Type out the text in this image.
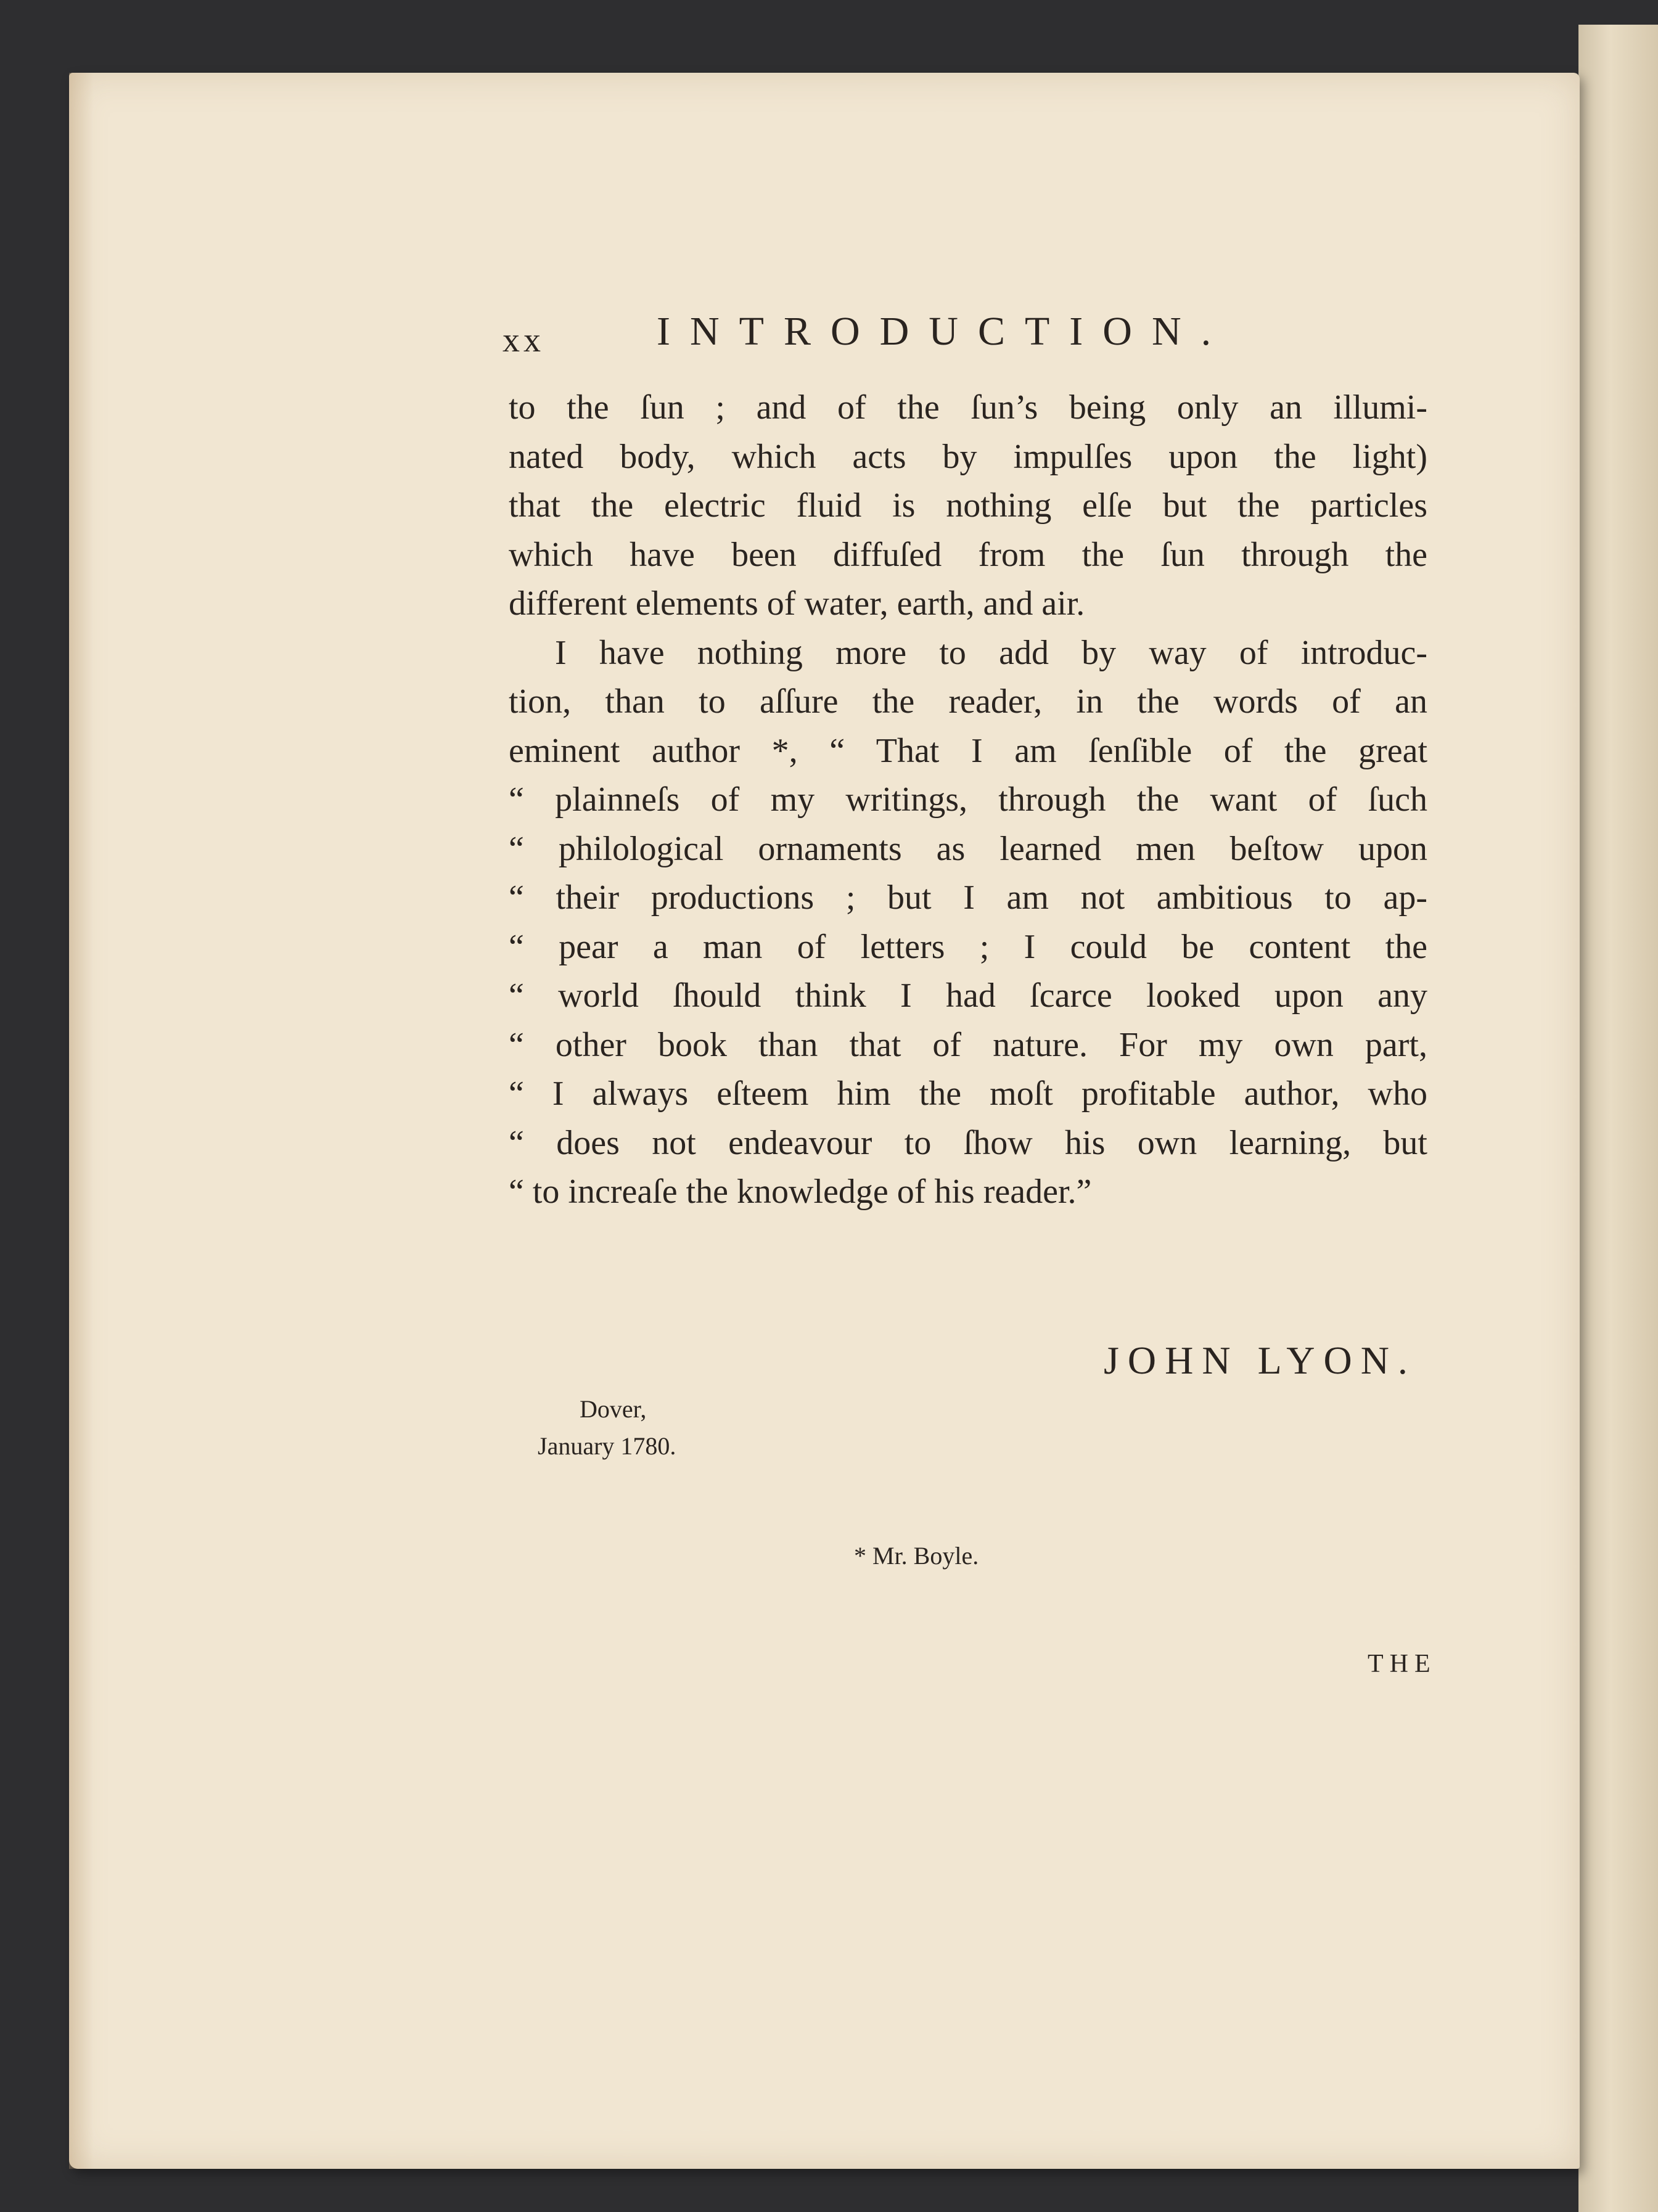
xx	INTRODUCTION.
to the ſun ; and of the ſun’s being only an illumi-
nated body, which acts by impulſes upon the light)
that the electric fluid is nothing elſe but the particles
which have been diffuſed from the ſun through the
different elements of water, earth, and air.
I have nothing more to add by way of introduc-
tion, than to aſſure the reader, in the words of an
eminent author *, “ That I am ſenſible of the great
“ plainneſs of my writings, through the want of ſuch
“ philological ornaments as learned men beſtow upon
“ their productions ; but I am not ambitious to ap-
“ pear a man of letters ; I could be content the
“ world ſhould think I had ſcarce looked upon any
“ other book than that of nature. For my own part,
“ I always eſteem him the moſt profitable author, who
“ does not endeavour to ſhow his own learning, but
“ to increaſe the knowledge of his reader.”
JOHN LYON.
Dover,
January 1780.
* Mr. Boyle.
THE
